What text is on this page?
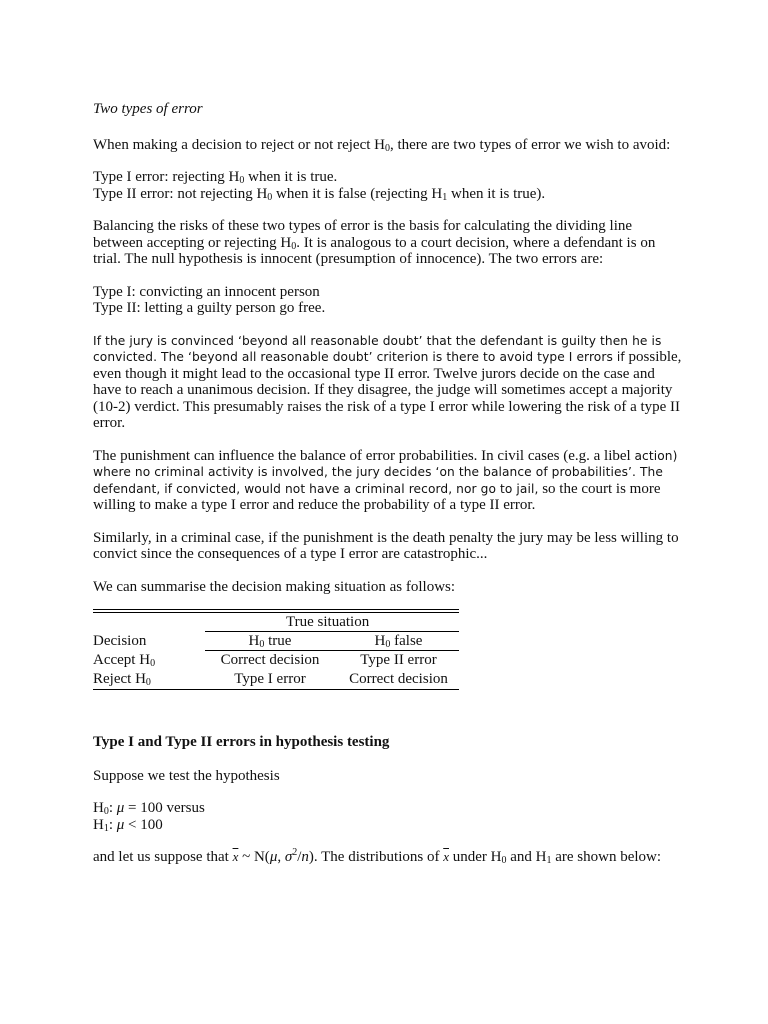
Two types of error

When making a decision to reject or not reject $H_0$, there are two types of error we wish to avoid:

Type I error: rejecting $H_0$ when it is true.

Type II error: not rejecting $H_0$ when it is false (rejecting $H_1$ when it is true).

Balancing the risks of these two types of error is the basis for calculating the dividing line between accepting or rejecting $H_0$. It is analogous to a court decision, where a defendant is on trial. The null hypothesis is innocent (presumption of innocence). The two errors are:

Type I: convicting an innocent person

Type II: letting a guilty person go free.

If the jury is convinced ‘beyond all reasonable doubt’ that the defendant is guilty then he is convicted. The ‘beyond all reasonable doubt’ criterion is there to avoid type I errors if possible, even though it might lead to the occasional type II error. Twelve jurors decide on the case and have to reach a unanimous decision. If they disagree, the judge will sometimes accept a majority (10-2) verdict. This presumably raises the risk of a type I error while lowering the risk of a type II error.

The punishment can influence the balance of error probabilities. In civil cases (e.g. a libel action) where no criminal activity is involved, the jury decides ‘on the balance of probabilities’. The defendant, if convicted, would not have a criminal record, nor go to jail, so the court is more willing to make a type I error and reduce the probability of a type II error.

Similarly, in a criminal case, if the punishment is the death penalty the jury may be less willing to convict since the consequences of a type I error are catastrophic...

We can summarise the decision making situation as follows:

True situation
Decision	$H_0$ true	$H_0$ false
Accept $H_0$	Correct decision	Type II error
Reject $H_0$	Type I error	Correct decision

Type I and Type II errors in hypothesis testing

Suppose we test the hypothesis

$H_0$: μ = 100 versus

$H_1$: μ < 100

and let us suppose that $\overline{x}$ ~ N(μ, $\sigma^2/n$). The distributions of $\overline{x}$ under $H_0$ and $H_1$ are shown below:
